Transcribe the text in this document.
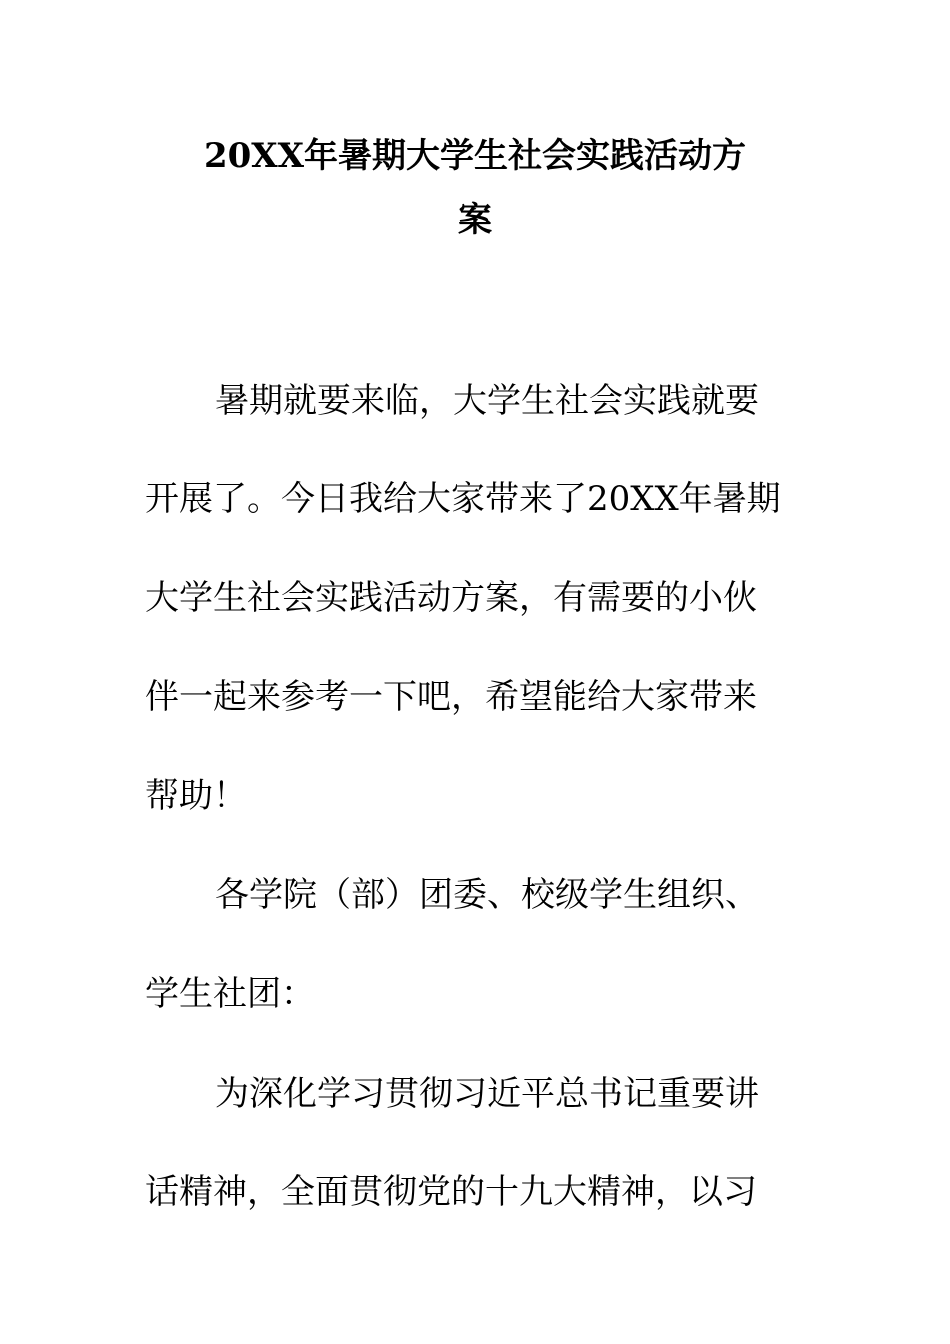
20XX年暑期大学生社会实践活动方
案

暑期就要来临，大学生社会实践就要

开展了。今日我给大家带来了20XX年暑期

大学生社会实践活动方案，有需要的小伙

伴一起来参考一下吧，希望能给大家带来

帮助！

各学院（部）团委、校级学生组织、

学生社团：

为深化学习贯彻习近平总书记重要讲

话精神，全面贯彻党的十九大精神，以习
